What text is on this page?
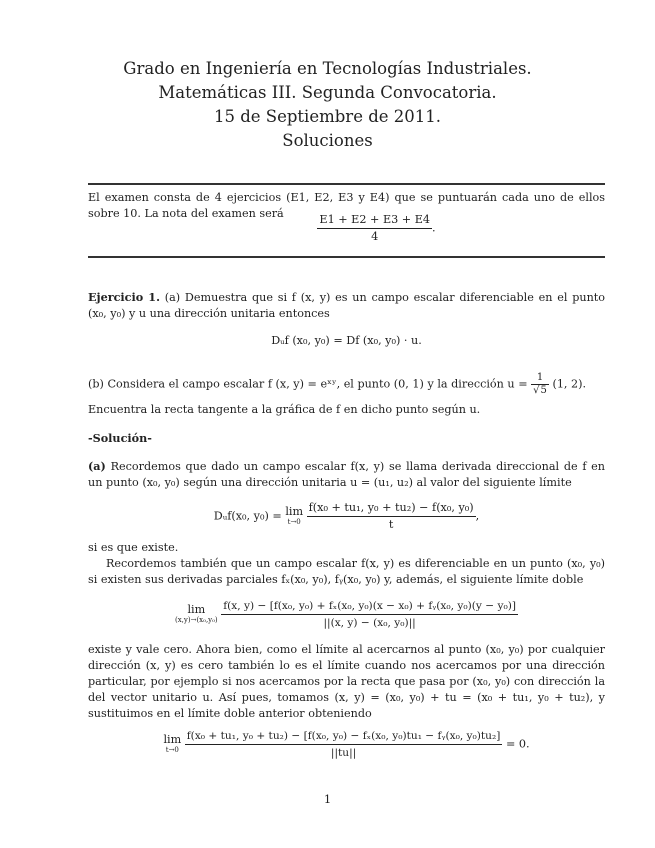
Grado en Ingeniería en Tecnologías Industriales.
Matemáticas III. Segunda Convocatoria.
15 de Septiembre de 2011.
Soluciones
El examen consta de 4 ejercicios (E1, E2, E3 y E4) que se puntuarán cada uno de ellos sobre 10. La nota del examen será	$\frac{E1 + E2 + E3 + E4}{4}$ .
Ejercicio 1. (a) Demuestra que si f (x, y) es un campo escalar diferenciable en el punto (x₀, y₀) y u una dirección unitaria entonces
Dᵤf (x₀, y₀) = Df (x₀, y₀) · u.
(b) Considera el campo escalar f (x, y) = eˣʸ, el punto (0, 1) y la dirección $u = \frac{1}{√5} (1$, 2).
Encuentra la recta tangente a la gráfica de f en dicho punto según u.
-Solución-
(a) Recordemos que dado un campo escalar f(x, y) se llama derivada direccional de f en un punto (x₀, y₀) según una dirección unitaria u = (u₁, u₂) al valor del siguiente límite
Dᵤf(x₀, y₀) = lim
t→0
$\frac{\text{f(x₀ + tu₁, y₀ + tu₂) − f(x₀, y₀)}}{t}$ ,
si es que existe.
Recordemos también que un campo escalar f(x, y) es diferenciable en un punto (x₀, y₀) si existen sus derivadas parciales fₓ(x₀, y₀), fᵧ(x₀, y₀) y, además, el siguiente límite doble
lim
(x,y)→(x₀,y₀)

f(x, y) − [f(x₀, y₀) + fₓ(x₀, y₀)(x − x₀) + fᵧ(x₀, y₀)(y − y₀)]
||(x, y) − (x₀, y₀)||
existe y vale cero. Ahora bien, como el límite al acercarnos al punto (x₀, y₀) por cualquier dirección (x, y) es cero también lo es el límite cuando nos acercamos por una dirección particular, por ejemplo si nos acercamos por la recta que pasa por (x₀, y₀) con dirección la del vector unitario u. Así pues, tomamos (x, y) = (x₀, y₀) + tu = (x₀ + tu₁, y₀ + tu₂), y sustituimos en el límite doble anterior obteniendo
lim
t→0

f(x₀ + tu₁, y₀ + tu₂) − [f(x₀, y₀) − fₓ(x₀, y₀)tu₁ − fᵧ(x₀, y₀)tu₂]
||tu||
= 0.
1
